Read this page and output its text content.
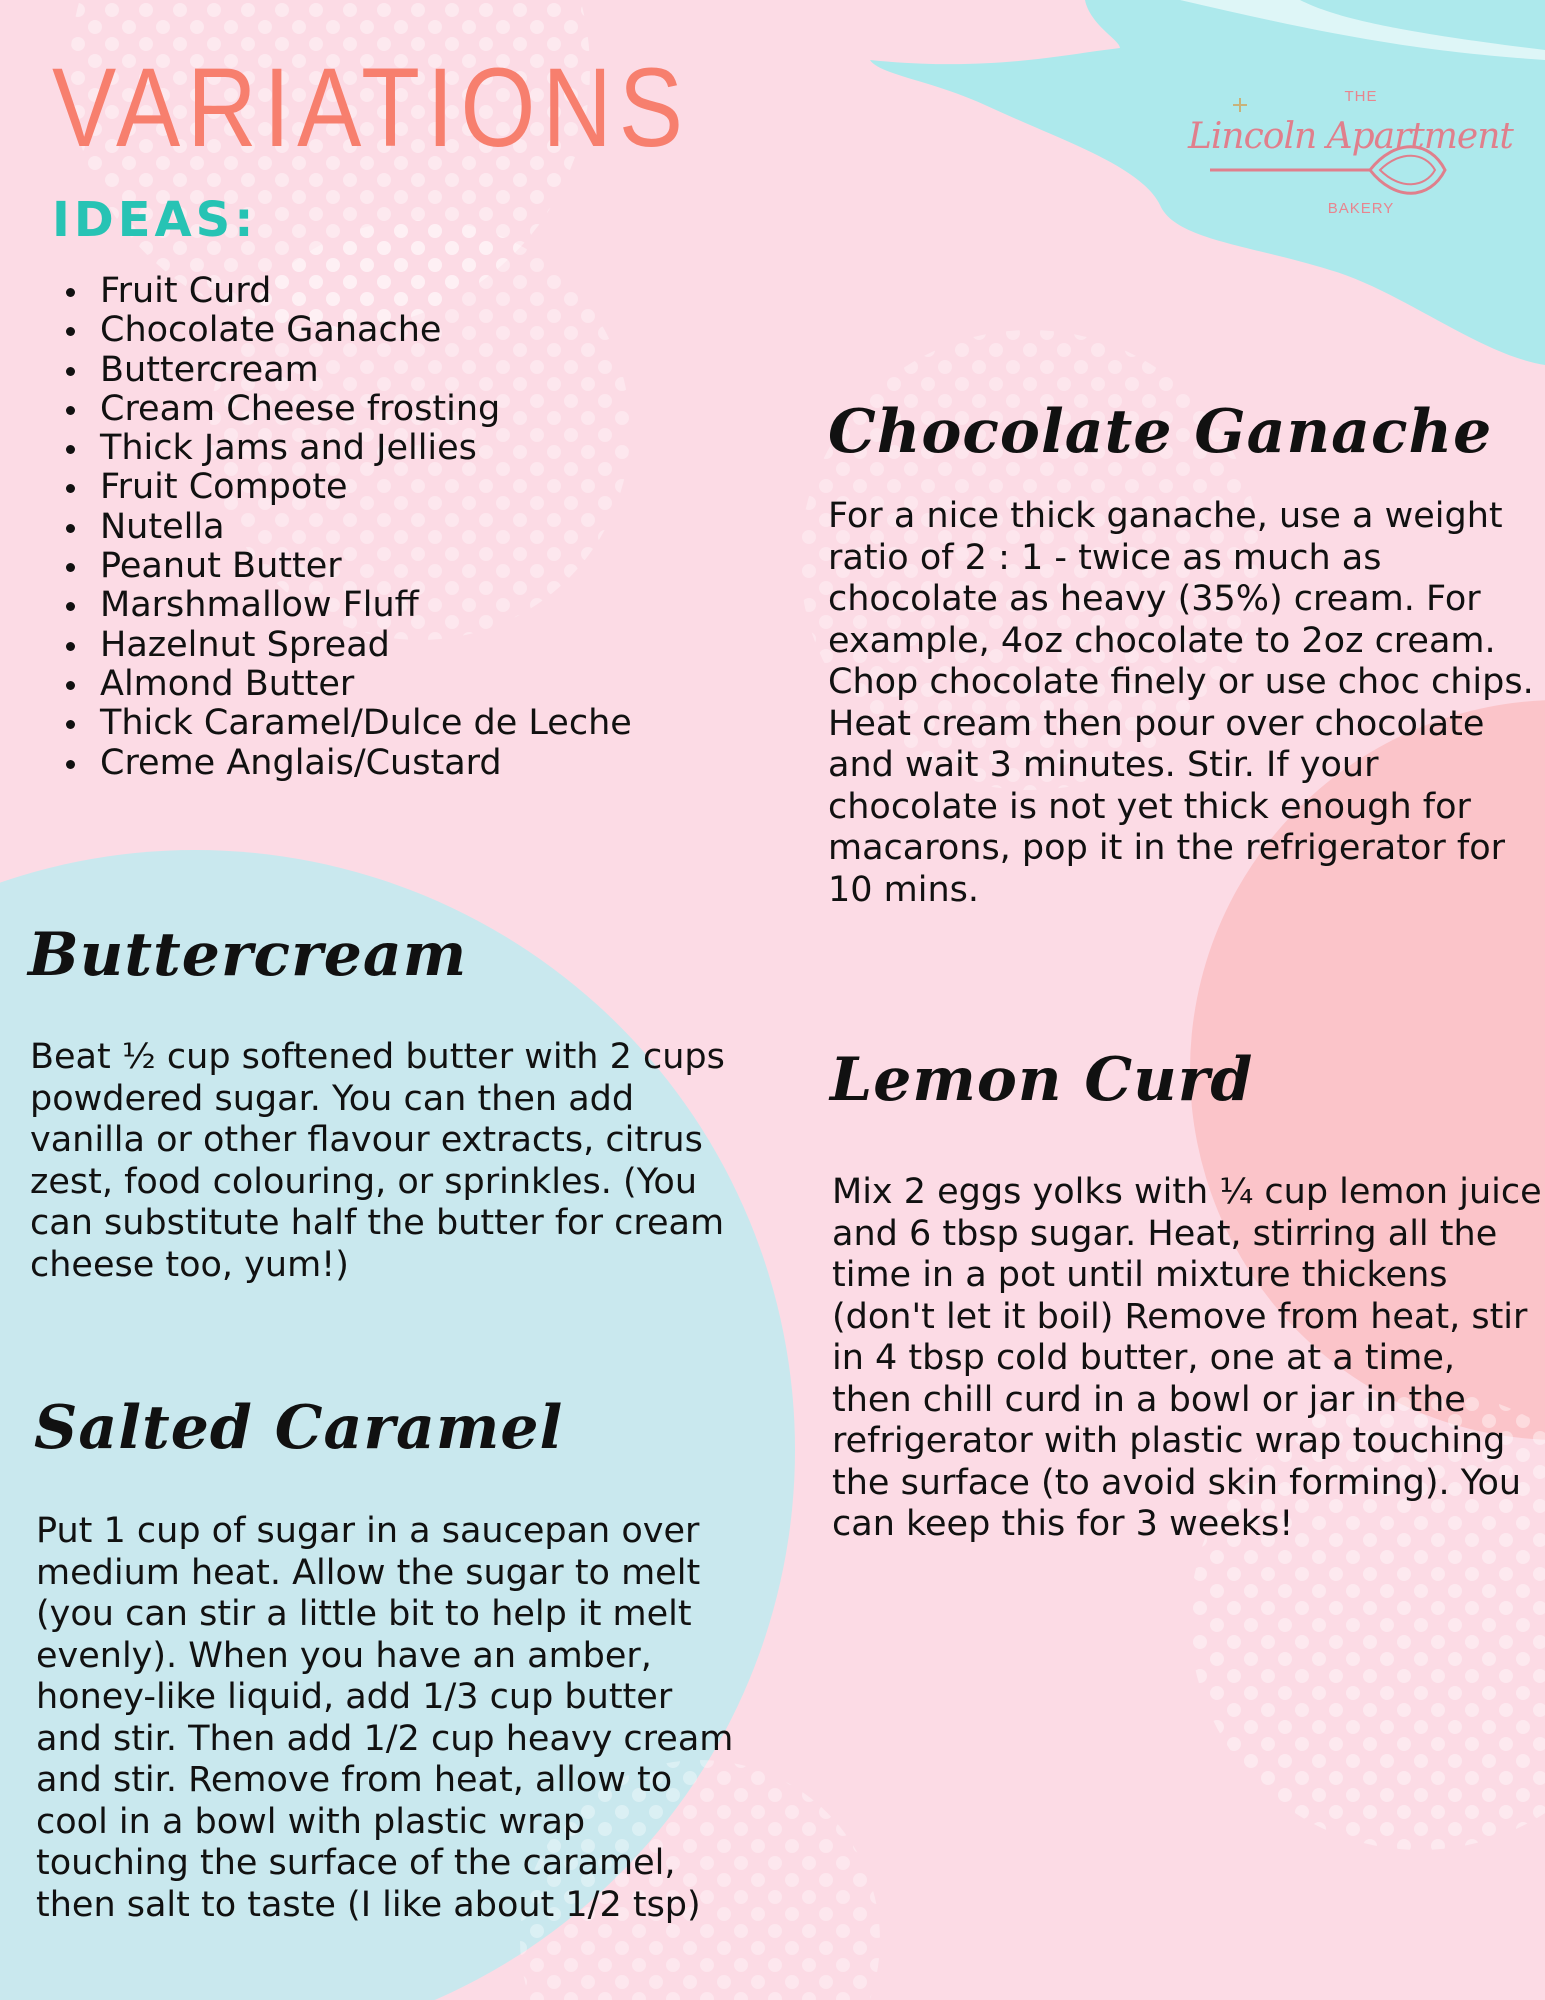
VARIATIONS
IDEAS:
Fruit Curd
Chocolate Ganache
Buttercream
Cream Cheese frosting
Thick Jams and Jellies
Fruit Compote
Nutella
Peanut Butter
Marshmallow Fluff
Hazelnut Spread
Almond Butter
Thick Caramel/Dulce de Leche
Creme Anglais/Custard
THE
Lincoln Apartment
BAKERY
Chocolate Ganache

For a nice thick ganache, use a weight ratio of 2 : 1 - twice as much as chocolate as heavy (35%) cream. For example, 4oz chocolate to 2oz cream. Chop chocolate finely or use choc chips. Heat cream then pour over chocolate and wait 3 minutes. Stir. If your chocolate is not yet thick enough for macarons, pop it in the refrigerator for 10 mins.

Buttercream

Beat ½ cup softened butter with 2 cups powdered sugar. You can then add vanilla or other flavour extracts, citrus zest, food colouring, or sprinkles. (You can substitute half the butter for cream cheese too, yum!)

Lemon Curd

Mix 2 eggs yolks with ¼ cup lemon juice and 6 tbsp sugar. Heat, stirring all the time in a pot until mixture thickens (don't let it boil) Remove from heat, stir in 4 tbsp cold butter, one at a time, then chill curd in a bowl or jar in the refrigerator with plastic wrap touching the surface (to avoid skin forming). You can keep this for 3 weeks!

Salted Caramel

Put 1 cup of sugar in a saucepan over medium heat. Allow the sugar to melt (you can stir a little bit to help it melt evenly). When you have an amber, honey-like liquid, add 1/3 cup butter and stir. Then add 1/2 cup heavy cream and stir. Remove from heat, allow to cool in a bowl with plastic wrap touching the surface of the caramel, then salt to taste (I like about 1/2 tsp)
